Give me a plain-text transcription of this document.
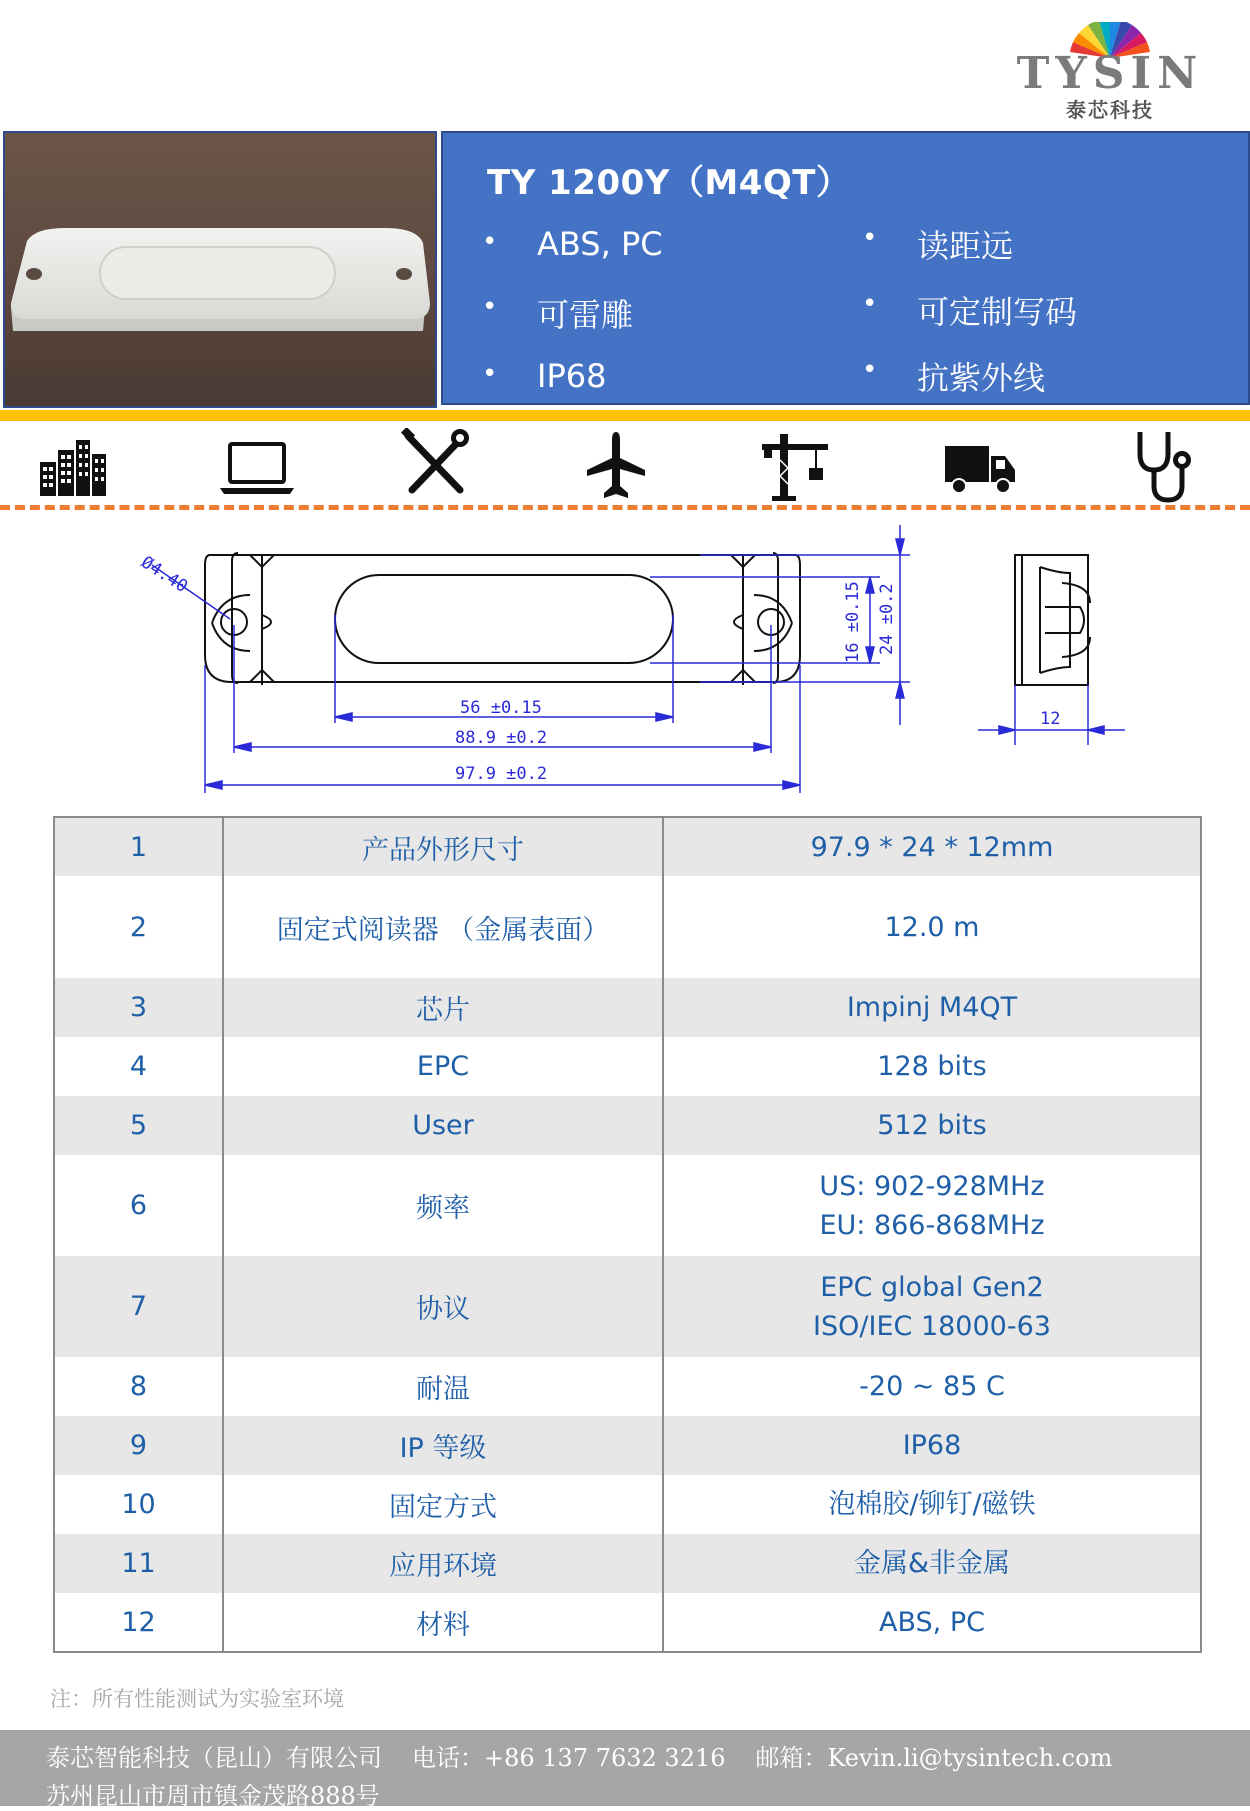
TYSIN
泰芯科技
TY 1200Y（M4QT）
• ABS, PC
• 可雷雕
• IP68
• 读距远
• 可定制写码
• 抗紫外线
Ø4.40
56 ±0.15
88.9 ±0.2
97.9 ±0.2
16 ±0.15 24 ±0.2
12
1	产品外形尺寸	97.9 * 24 * 12mm

2	固定式阅读器 （金属表面）	12.0 m

3	芯片	Impinj M4QT

4	EPC	128 bits

5	User	512 bits

6	频率	US: 902-928MHz
EU: 866-868MHz

7	协议	EPC global Gen2
ISO/IEC 18000-63

8	耐温	-20 ~ 85 C

9	IP 等级	IP68

10	固定方式	泡棉胶/铆钉/磁铁

11	应用环境	金属&非金属

12	材料	ABS, PC
注：所有性能测试为实验室环境
泰芯智能科技（昆山）有限公司 电话：+86 137 7632 3216 邮箱：Kevin.li@tysintech.com
苏州昆山市周市镇金茂路888号
